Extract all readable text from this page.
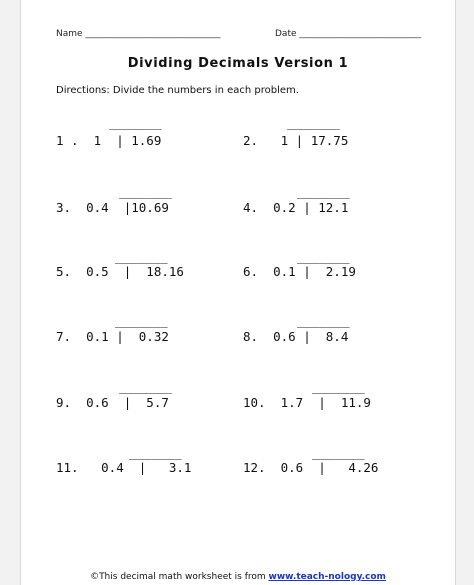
Name ______________________________	Date ___________________________
Dividing Decimals Version 1
Directions: Divide the numbers in each problem.
_______
1 .  1  | 1.69
_______
2.   1 | 17.75
_______
3.  0.4  |10.69
_______
4.  0.2 | 12.1
_______
5.  0.5  |  18.16
_______
6.  0.1 |  2.19
_______
7.  0.1 |  0.32
_______
8.  0.6 |  8.4
_______
9.  0.6  |  5.7
_______
10.  1.7  |  11.9
_______
11.   0.4  |   3.1
_______
12.  0.6  |   4.26
©This decimal math worksheet is from www.teach-nology.com
